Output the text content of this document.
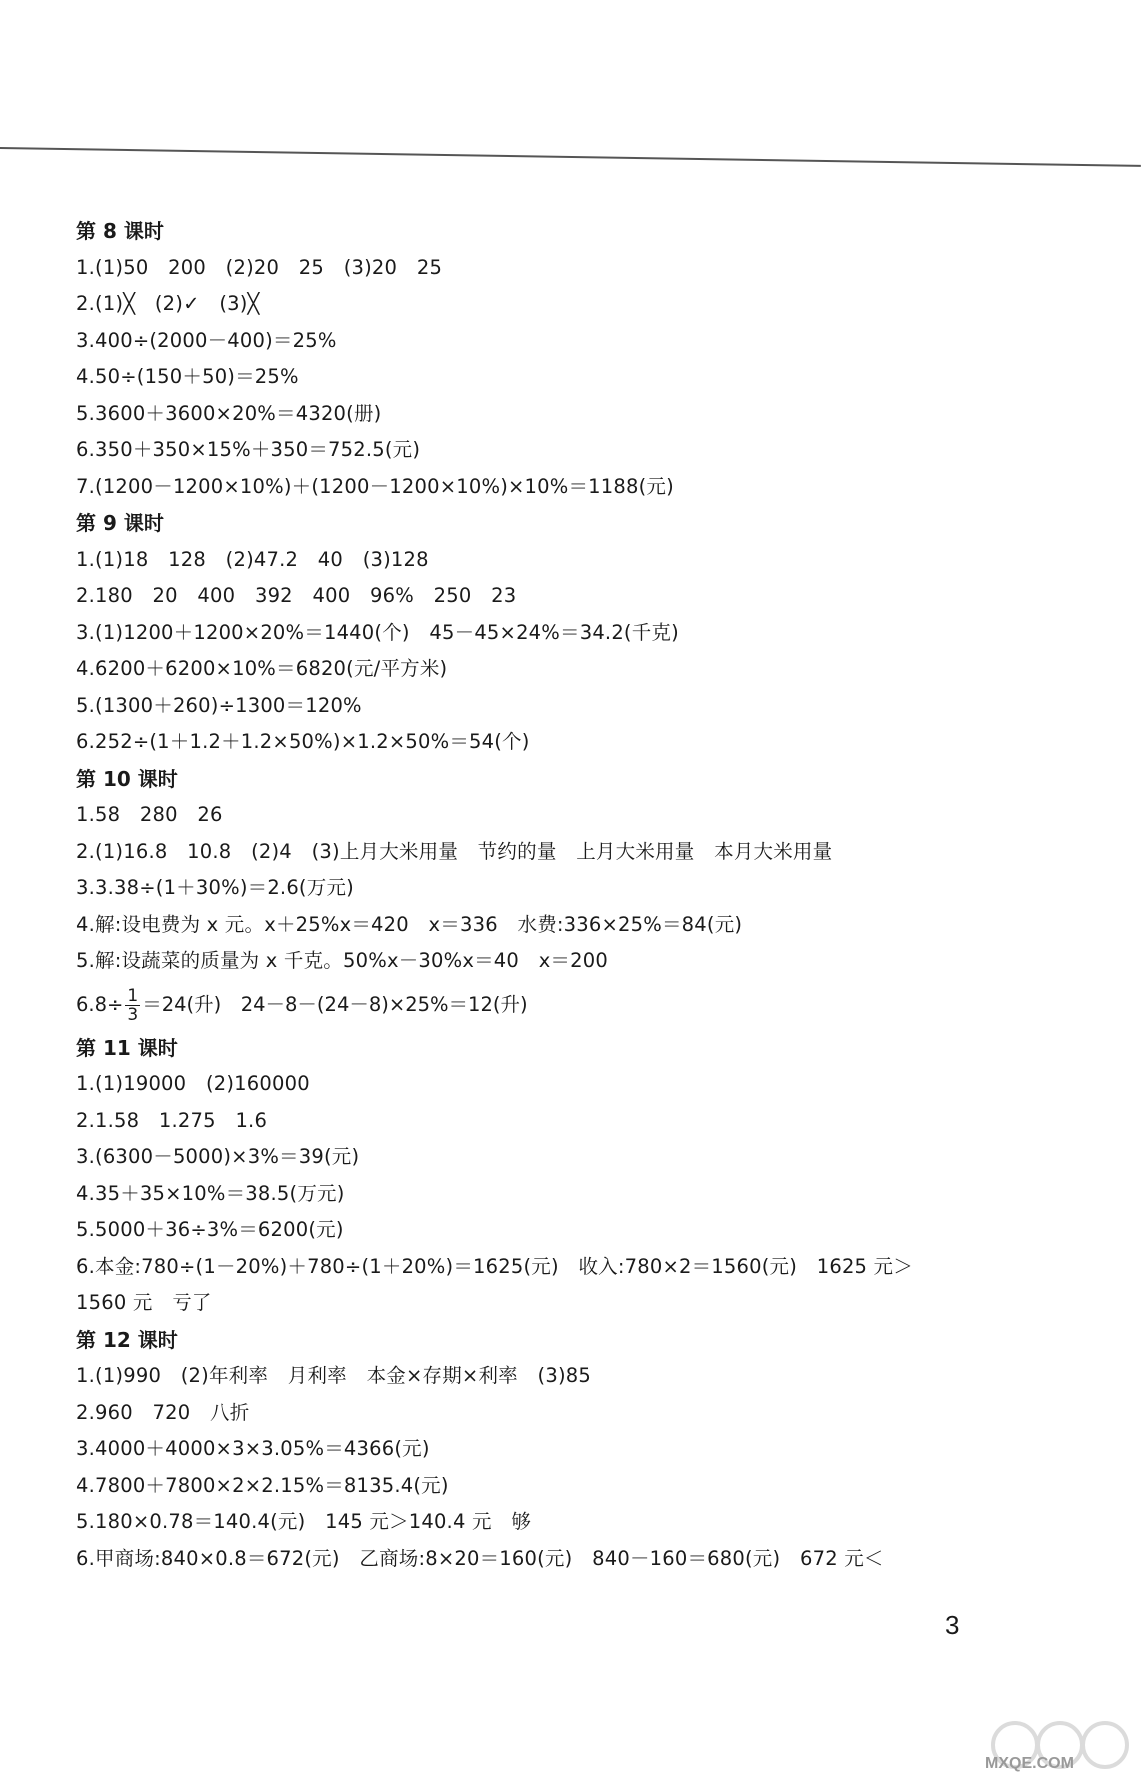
第 8 课时
1.(1)50　200　(2)20　25　(3)20　25
2.(1)╳　(2)✓　(3)╳
3.400÷(2000－400)＝25%
4.50÷(150＋50)＝25%
5.3600＋3600×20%＝4320(册)
6.350＋350×15%＋350＝752.5(元)
7.(1200－1200×10%)＋(1200－1200×10%)×10%＝1188(元)
第 9 课时
1.(1)18　128　(2)47.2　40　(3)128
2.180　20　400　392　400　96%　250　23
3.(1)1200＋1200×20%＝1440(个)　45－45×24%＝34.2(千克)
4.6200＋6200×10%＝6820(元/平方米)
5.(1300＋260)÷1300＝120%
6.252÷(1＋1.2＋1.2×50%)×1.2×50%＝54(个)
第 10 课时
1.58　280　26
2.(1)16.8　10.8　(2)4　(3)上月大米用量　节约的量　上月大米用量　本月大米用量
3.3.38÷(1＋30%)＝2.6(万元)
4.解:设电费为 x 元。x＋25%x＝420　x＝336　水费:336×25%＝84(元)
5.解:设蔬菜的质量为 x 千克。50%x－30%x＝40　x＝200
$6.8\div \frac{1}{3} =24$(升)　24－8－(24－8)×25%＝12(升)
第 11 课时
1.(1)19000　(2)160000
2.1.58　1.275　1.6
3.(6300－5000)×3%＝39(元)
4.35＋35×10%＝38.5(万元)
5.5000＋36÷3%＝6200(元)
6.本金:780÷(1－20%)＋780÷(1＋20%)＝1625(元)　收入:780×2＝1560(元)　1625 元＞
1560 元　亏了
第 12 课时
1.(1)990　(2)年利率　月利率　本金×存期×利率　(3)85
2.960　720　八折
3.4000＋4000×3×3.05%＝4366(元)
4.7800＋7800×2×2.15%＝8135.4(元)
5.180×0.78＝140.4(元)　145 元＞140.4 元　够
6.甲商场:840×0.8＝672(元)　乙商场:8×20＝160(元)　840－160＝680(元)　672 元＜
3
MXQE.COM
